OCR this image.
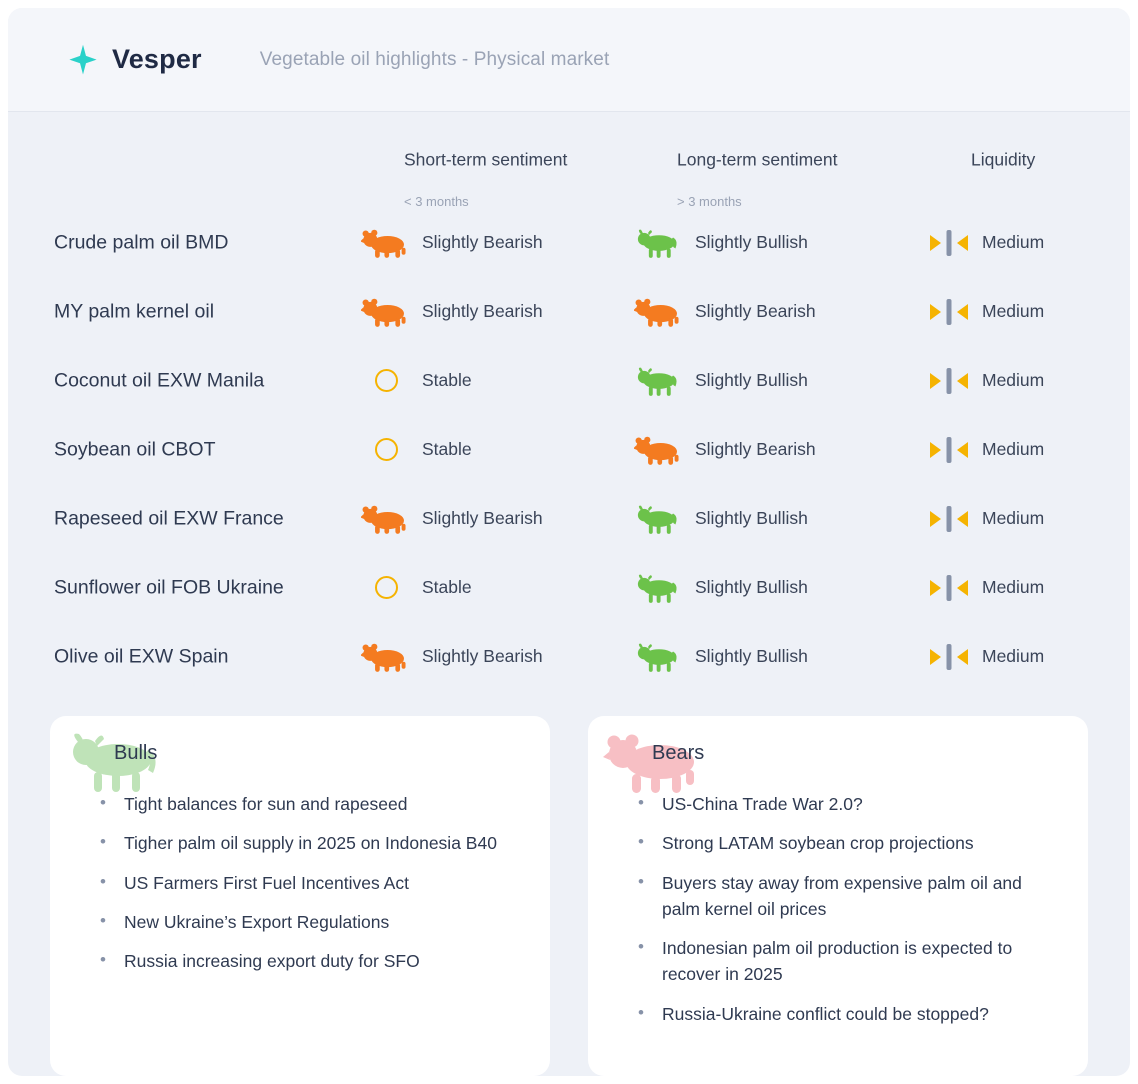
Vesper	Vegetable oil highlights - Physical market
Short-term sentiment
< 3 months
Long-term sentiment
> 3 months
Liquidity
Crude palm oil BMD	Slightly Bearish	Slightly Bullish	Medium
MY palm kernel oil	Slightly Bearish	Slightly Bearish	Medium
Coconut oil EXW Manila	Stable	Slightly Bullish	Medium
Soybean oil CBOT	Stable	Slightly Bearish	Medium
Rapeseed oil EXW France	Slightly Bearish	Slightly Bullish	Medium
Sunflower oil FOB Ukraine	Stable	Slightly Bullish	Medium
Olive oil EXW Spain	Slightly Bearish	Slightly Bullish	Medium
Bulls
• Tight balances for sun and rapeseed
• Tigher palm oil supply in 2025 on Indonesia B40
• US Farmers First Fuel Incentives Act
• New Ukraine’s Export Regulations
• Russia increasing export duty for SFO
Bears
• US-China Trade War 2.0?
• Strong LATAM soybean crop projections
• Buyers stay away from expensive palm oil and palm kernel oil prices
• Indonesian palm oil production is expected to recover in 2025
• Russia-Ukraine conflict could be stopped?
